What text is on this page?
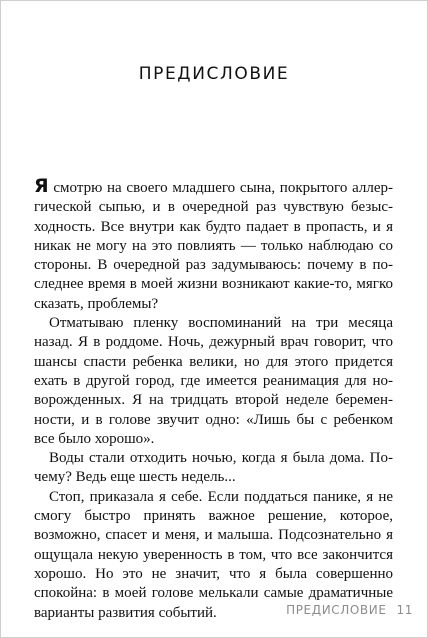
ПРЕДИСЛОВИЕ

Я смотрю на своего младшего сына, покрытого аллергической сыпью, и в очередной раз чувствую безысходность. Все внутри как будто падает в пропасть, и я никак не могу на это повлиять — только наблюдаю со стороны. В очередной раз задумываюсь: почему в последнее время в моей жизни возникают какие-то, мягко сказать, проблемы?

Отматываю пленку воспоминаний на три месяца назад. Я в роддоме. Ночь, дежурный врач говорит, что шансы спасти ребенка велики, но для этого придется ехать в другой город, где имеется реанимация для новорожденных. Я на тридцать второй неделе беременности, и в голове звучит одно: «Лишь бы с ребенком все было хорошо».

Воды стали отходить ночью, когда я была дома. Почему? Ведь еще шесть недель...

Стоп, приказала я себе. Если поддаться панике, я не смогу быстро принять важное решение, которое, возможно, спасет и меня, и малыша. Подсознательно я ощущала некую уверенность в том, что все закончится хорошо. Но это не значит, что я была совершенно спокойна: в моей голове мелькали самые драматичные варианты развития событий.	ПРЕДИСЛОВИЕ 11
